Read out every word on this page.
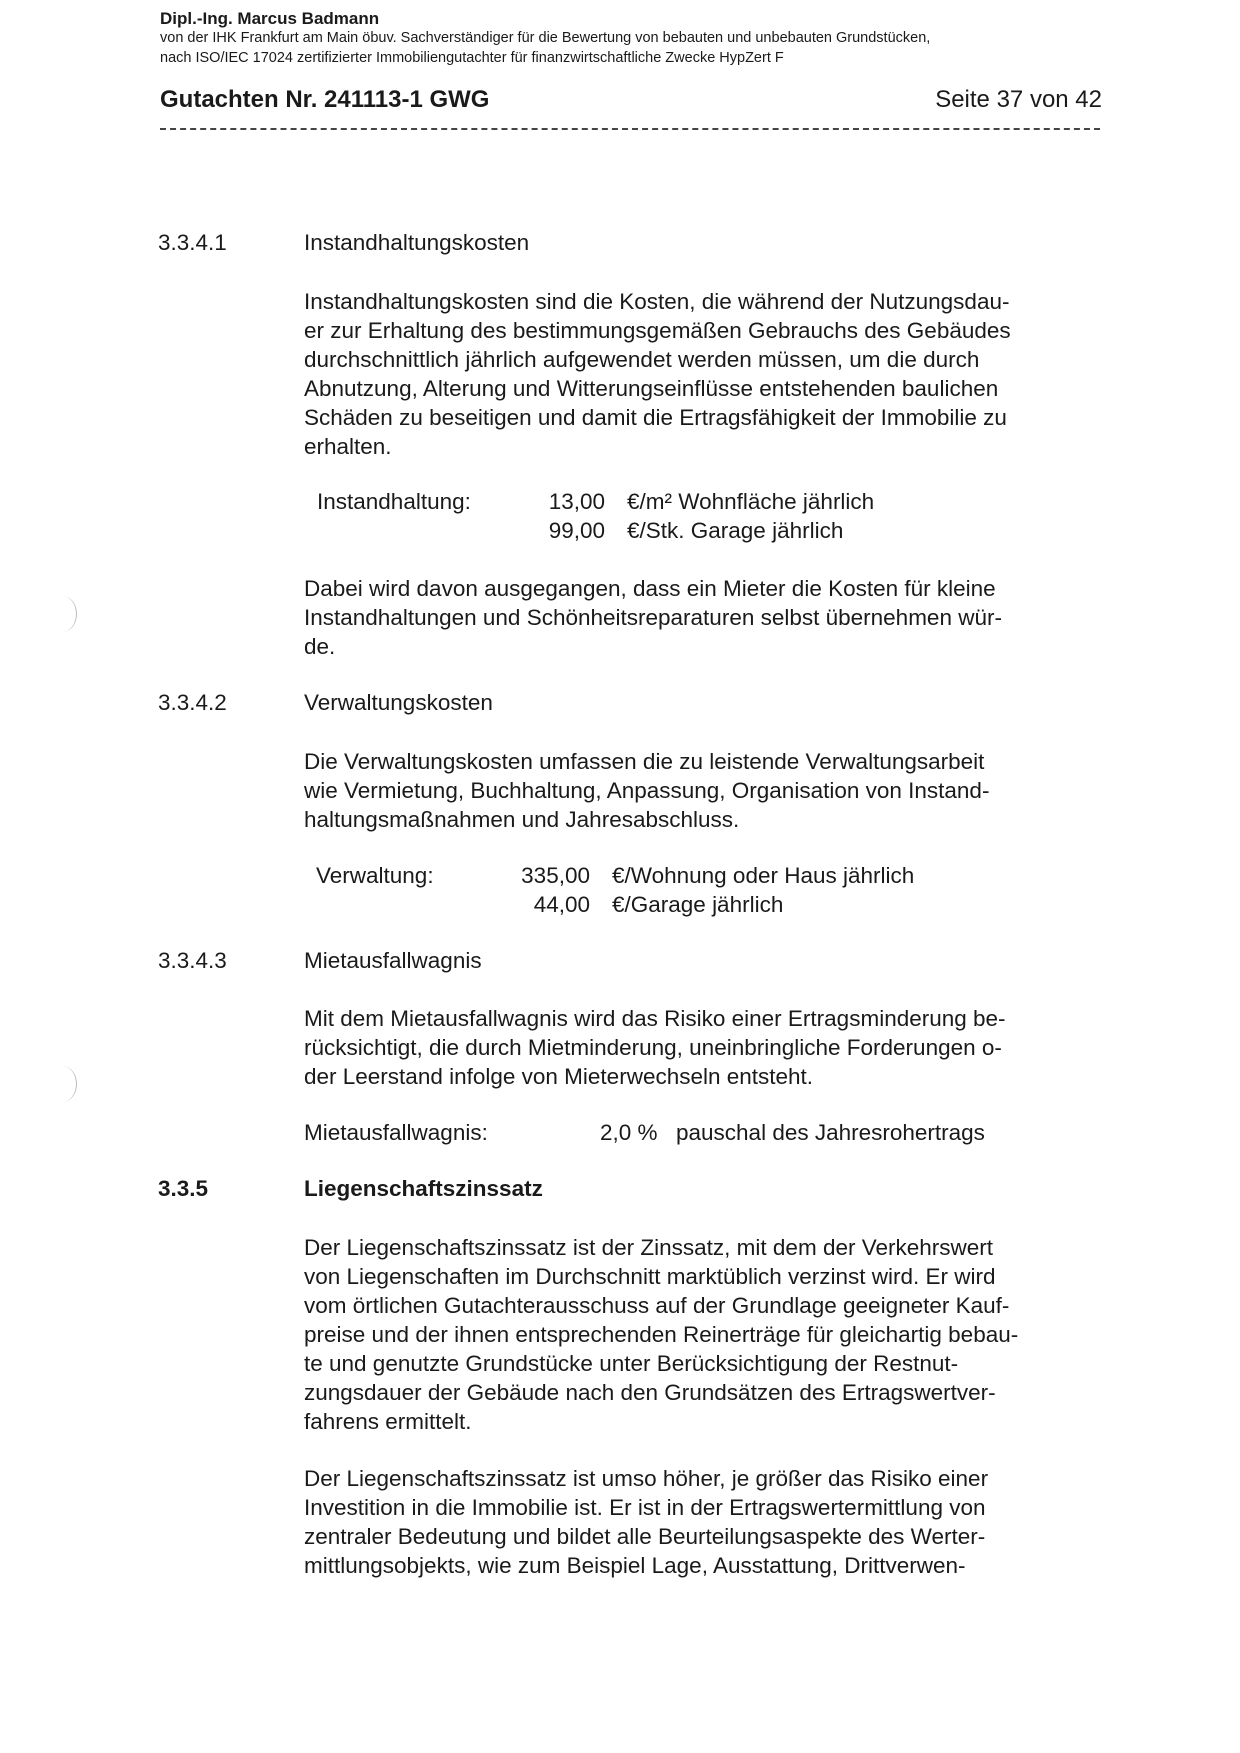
Dipl.-Ing. Marcus Badmann
von der IHK Frankfurt am Main öbuv. Sachverständiger für die Bewertung von bebauten und unbebauten Grundstücken,
nach ISO/IEC 17024 zertifizierter Immobiliengutachter für finanzwirtschaftliche Zwecke HypZert F
Gutachten Nr. 241113-1 GWG	Seite 37 von 42
3.3.4.1	Instandhaltungskosten
Instandhaltungskosten sind die Kosten, die während der Nutzungsdau-
er zur Erhaltung des bestimmungsgemäßen Gebrauchs des Gebäudes
durchschnittlich jährlich aufgewendet werden müssen, um die durch
Abnutzung, Alterung und Witterungseinflüsse entstehenden baulichen
Schäden zu beseitigen und damit die Ertragsfähigkeit der Immobilie zu
erhalten.
Instandhaltung:	13,00 €/m² Wohnfläche jährlich
99,00 €/Stk. Garage jährlich
Dabei wird davon ausgegangen, dass ein Mieter die Kosten für kleine
Instandhaltungen und Schönheitsreparaturen selbst übernehmen wür-
de.
3.3.4.2	Verwaltungskosten
Die Verwaltungskosten umfassen die zu leistende Verwaltungsarbeit
wie Vermietung, Buchhaltung, Anpassung, Organisation von Instand-
haltungsmaßnahmen und Jahresabschluss.
Verwaltung:	335,00 €/Wohnung oder Haus jährlich
44,00 €/Garage jährlich
3.3.4.3	Mietausfallwagnis
Mit dem Mietausfallwagnis wird das Risiko einer Ertragsminderung be-
rücksichtigt, die durch Mietminderung, uneinbringliche Forderungen o-
der Leerstand infolge von Mieterwechseln entsteht.
Mietausfallwagnis:	2,0 % pauschal des Jahresrohertrags
3.3.5	Liegenschaftszinssatz
Der Liegenschaftszinssatz ist der Zinssatz, mit dem der Verkehrswert
von Liegenschaften im Durchschnitt marktüblich verzinst wird. Er wird
vom örtlichen Gutachterausschuss auf der Grundlage geeigneter Kauf-
preise und der ihnen entsprechenden Reinerträge für gleichartig bebau-
te und genutzte Grundstücke unter Berücksichtigung der Restnut-
zungsdauer der Gebäude nach den Grundsätzen des Ertragswertver-
fahrens ermittelt.
Der Liegenschaftszinssatz ist umso höher, je größer das Risiko einer
Investition in die Immobilie ist. Er ist in der Ertragswertermittlung von
zentraler Bedeutung und bildet alle Beurteilungsaspekte des Werter-
mittlungsobjekts, wie zum Beispiel Lage, Ausstattung, Drittverwen-
